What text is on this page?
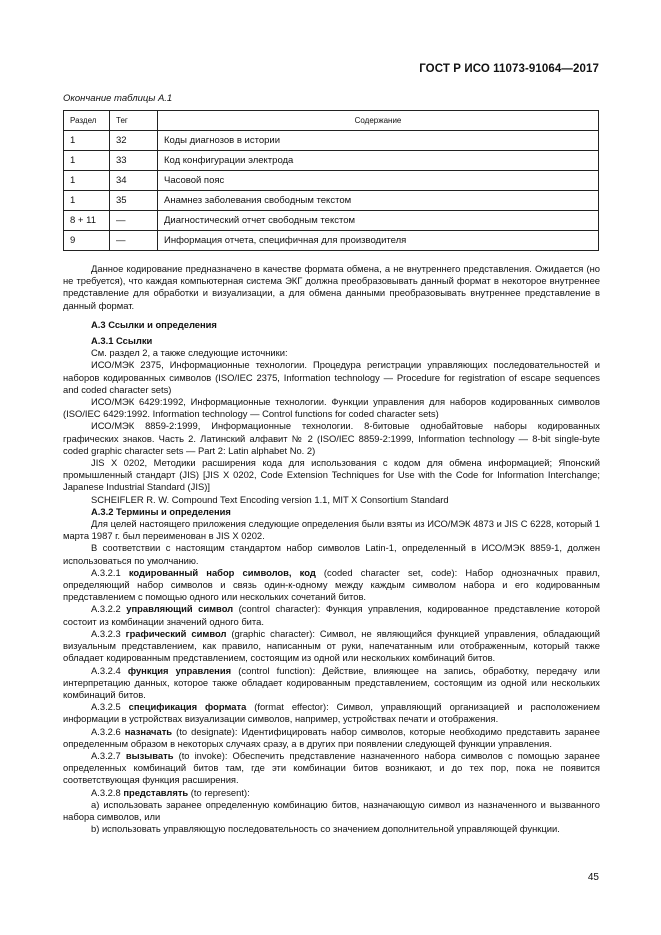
ГОСТ Р ИСО 11073-91064—2017
Окончание таблицы А.1
Раздел	Тег	Содержание
1	32	Коды диагнозов в истории
1	33	Код конфигурации электрода
1	34	Часовой пояс
1	35	Анамнез заболевания свободным текстом
8 + 11	—	Диагностический отчет свободным текстом
9	—	Информация отчета, специфичная для производителя

Данное кодирование предназначено в качестве формата обмена, а не внутреннего представления. Ожидается (но не требуется), что каждая компьютерная система ЭКГ должна преобразовывать данный формат в некоторое внутреннее представление для обработки и визуализации, а для обмена данными преобразовывать внутреннее представление в данный формат.

А.3 Ссылки и определения

А.3.1 Ссылки

См. раздел 2, а также следующие источники:

ИСО/МЭК 2375, Информационные технологии. Процедура регистрации управляющих последовательностей и наборов кодированных символов (ISO/IEC 2375, Information technology — Procedure for registration of escape sequences and coded character sets)

ИСО/МЭК 6429:1992, Информационные технологии. Функции управления для наборов кодированных символов (ISO/IEC 6429:1992. Information technology — Control functions for coded character sets)

ИСО/МЭК 8859-2:1999, Информационные технологии. 8-битовые однобайтовые наборы кодированных графических знаков. Часть 2. Латинский алфавит № 2 (ISO/IEC 8859-2:1999, Information technology — 8-bit single-byte coded graphic character sets — Part 2: Latin alphabet No. 2)

JIS X 0202, Методики расширения кода для использования с кодом для обмена информацией; Японский промышленный стандарт (JIS) [JIS X 0202, Code Extension Techniques for Use with the Code for Information Interchange; Japanese Industrial Standard (JIS)]

SCHEIFLER R. W. Compound Text Encoding version 1.1, MIT X Consortium Standard

А.3.2 Термины и определения

Для целей настоящего приложения следующие определения были взяты из ИСО/МЭК 4873 и JIS C 6228, который 1 марта 1987 г. был переименован в JIS X 0202.

В соответствии с настоящим стандартом набор символов Latin-1, определенный в ИСО/МЭК 8859-1, должен использоваться по умолчанию.

А.3.2.1 кодированный набор символов, код (coded character set, code): Набор однозначных правил, определяющий набор символов и связь один-к-одному между каждым символом набора и его кодированным представлением с помощью одного или нескольких сочетаний битов.

А.3.2.2 управляющий символ (control character): Функция управления, кодированное представление которой состоит из комбинации значений одного бита.

А.3.2.3 графический символ (graphic character): Символ, не являющийся функцией управления, обладающий визуальным представлением, как правило, написанным от руки, напечатанным или отображенным, который также обладает кодированным представлением, состоящим из одной или нескольких комбинаций битов.

А.3.2.4 функция управления (control function): Действие, влияющее на запись, обработку, передачу или интерпретацию данных, которое также обладает кодированным представлением, состоящим из одной или нескольких комбинаций битов.

А.3.2.5 спецификация формата (format effector): Символ, управляющий организацией и расположением информации в устройствах визуализации символов, например, устройствах печати и отображения.

А.3.2.6 назначать (to designate): Идентифицировать набор символов, которые необходимо представить заранее определенным образом в некоторых случаях сразу, а в других при появлении следующей функции управления.

А.3.2.7 вызывать (to invoke): Обеспечить представление назначенного набора символов с помощью заранее определенных комбинаций битов там, где эти комбинации битов возникают, и до тех пор, пока не появится соответствующая функция расширения.

А.3.2.8 представлять (to represent):

a) использовать заранее определенную комбинацию битов, назначающую символ из назначенного и вызванного набора символов, или

b) использовать управляющую последовательность со значением дополнительной управляющей функции.

45
